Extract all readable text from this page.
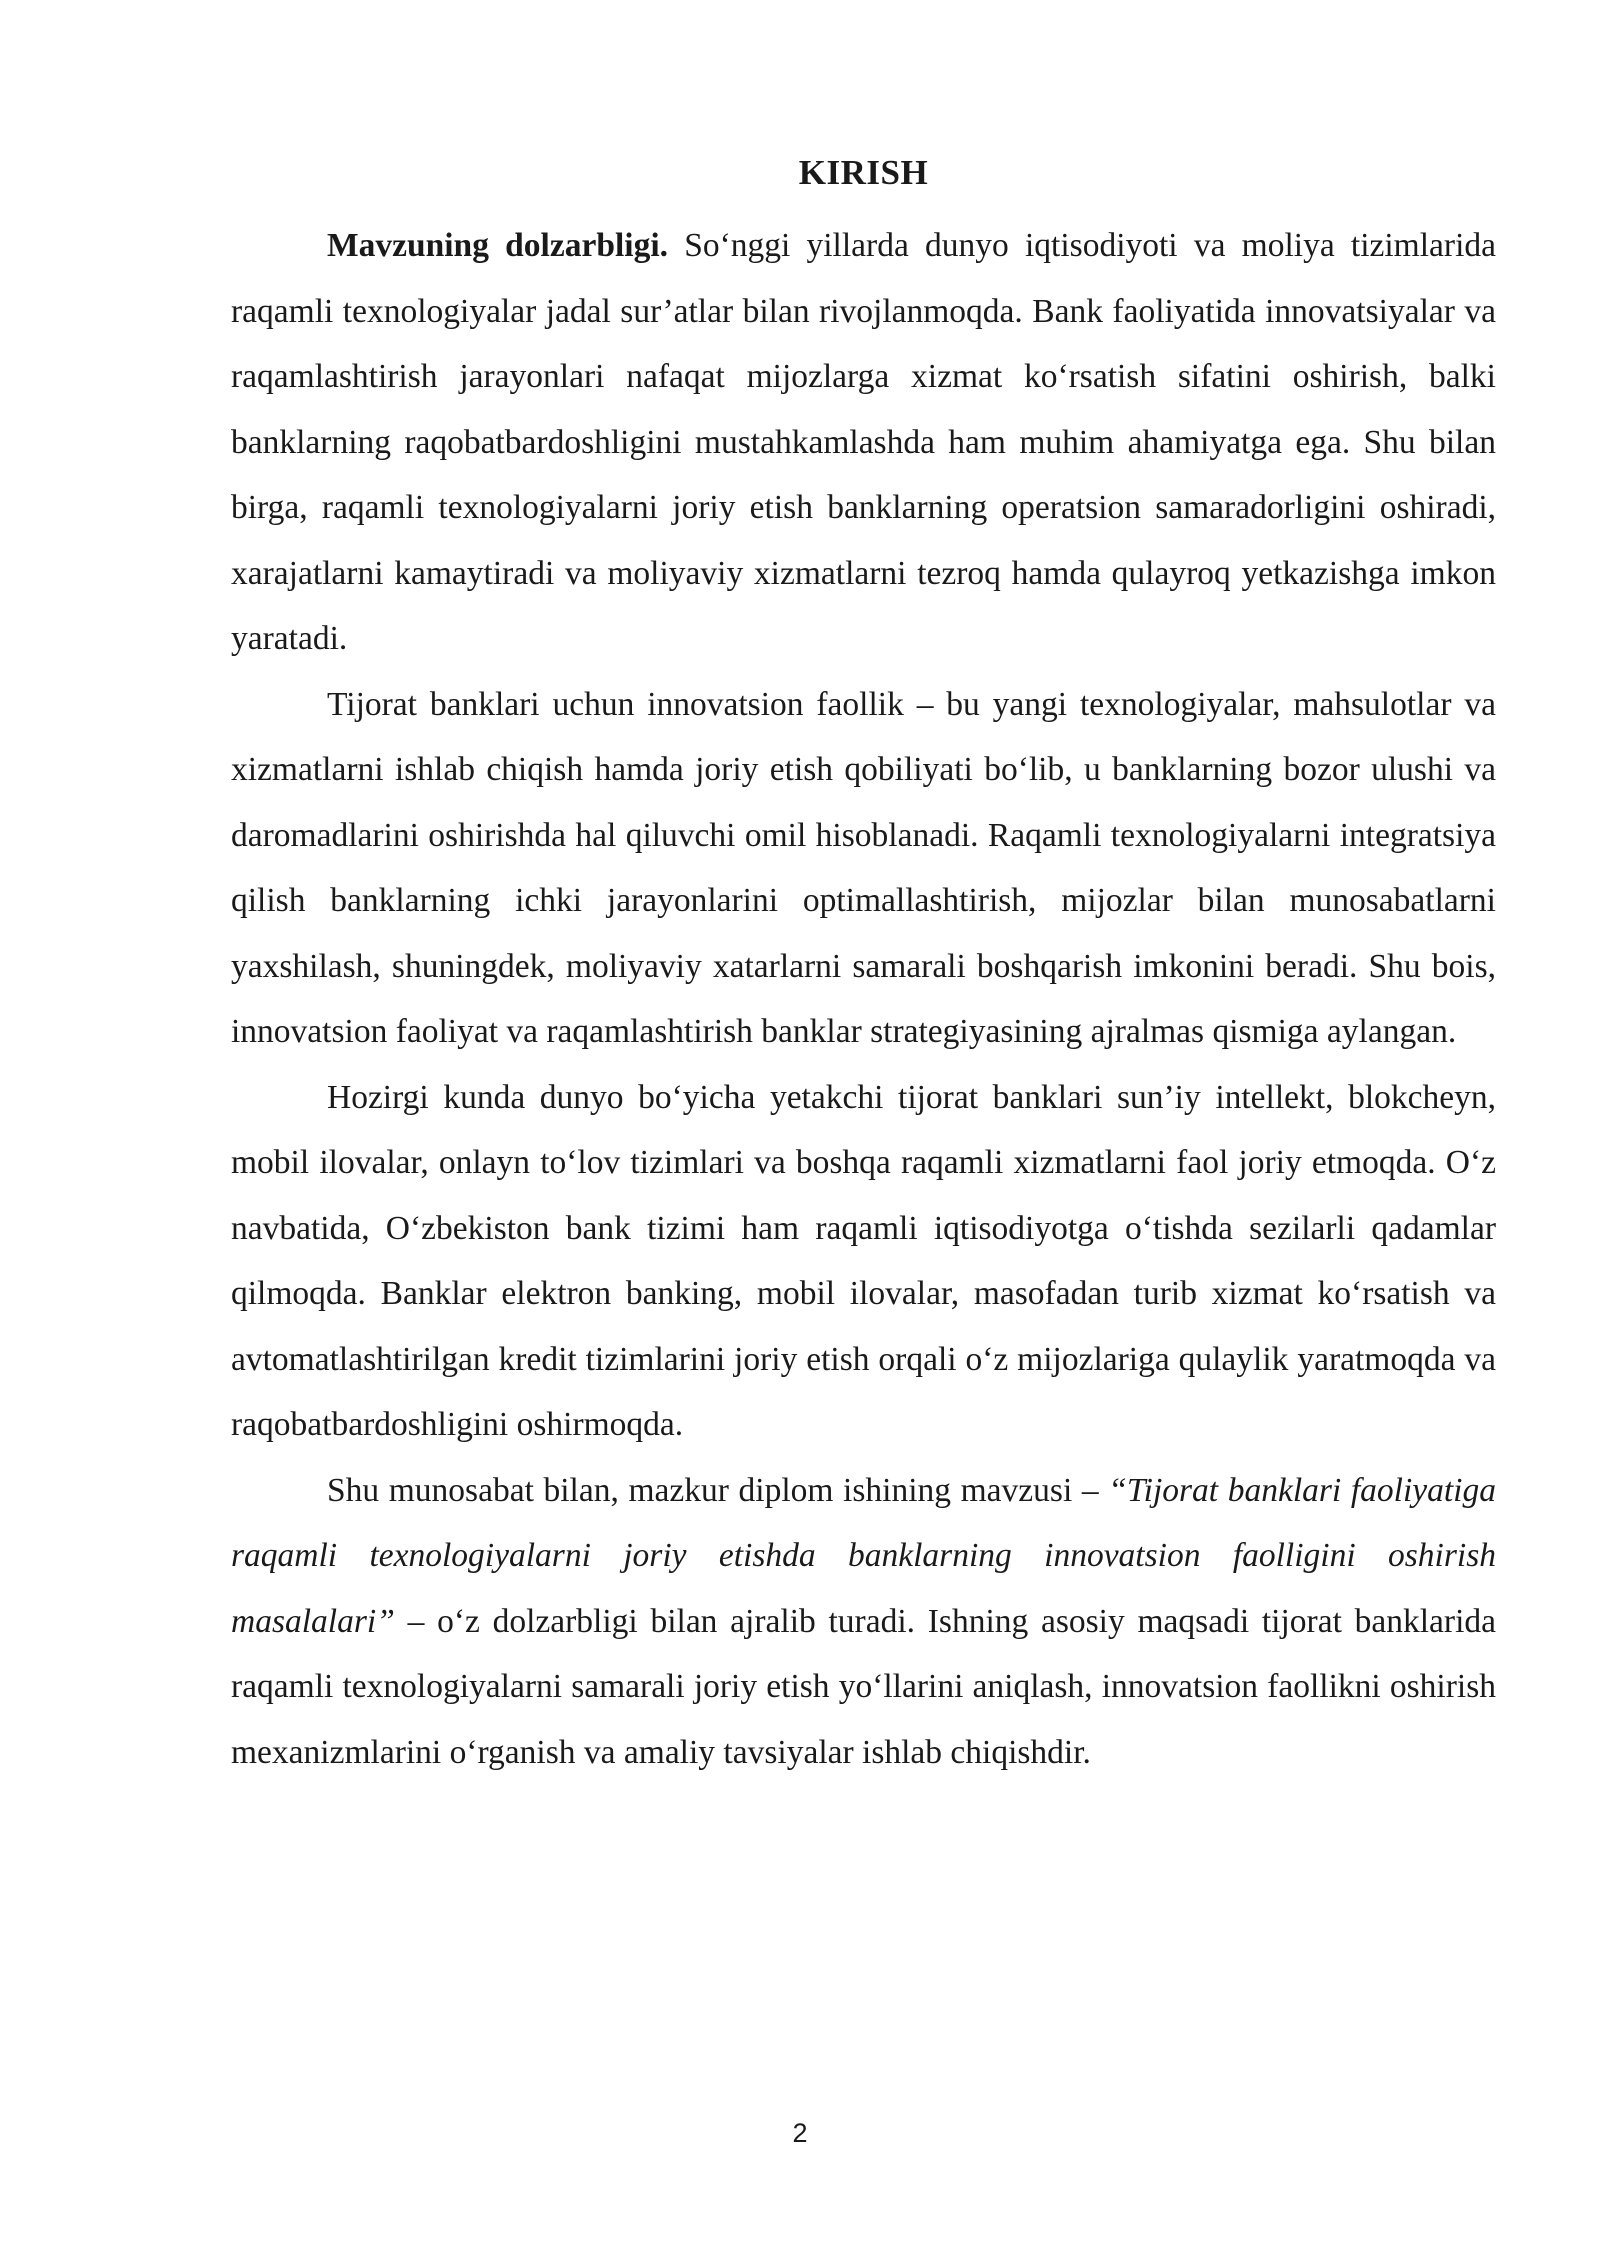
KIRISH

Mavzuning dolzarbligi. So‘nggi yillarda dunyo iqtisodiyoti va moliya tizimlarida raqamli texnologiyalar jadal sur’atlar bilan rivojlanmoqda. Bank faoliyatida innovatsiyalar va raqamlashtirish jarayonlari nafaqat mijozlarga xizmat ko‘rsatish sifatini oshirish, balki banklarning raqobatbardoshligini mustahkamlashda ham muhim ahamiyatga ega. Shu bilan birga, raqamli texnologiyalarni joriy etish banklarning operatsion samaradorligini oshiradi, xarajatlarni kamaytiradi va moliyaviy xizmatlarni tezroq hamda qulayroq yetkazishga imkon yaratadi.

Tijorat banklari uchun innovatsion faollik – bu yangi texnologiyalar, mahsulotlar va xizmatlarni ishlab chiqish hamda joriy etish qobiliyati bo‘lib, u banklarning bozor ulushi va daromadlarini oshirishda hal qiluvchi omil hisoblanadi. Raqamli texnologiyalarni integratsiya qilish banklarning ichki jarayonlarini optimallashtirish, mijozlar bilan munosabatlarni yaxshilash, shuningdek, moliyaviy xatarlarni samarali boshqarish imkonini beradi. Shu bois, innovatsion faoliyat va raqamlashtirish banklar strategiyasining ajralmas qismiga aylangan.

Hozirgi kunda dunyo bo‘yicha yetakchi tijorat banklari sun’iy intellekt, blokcheyn, mobil ilovalar, onlayn to‘lov tizimlari va boshqa raqamli xizmatlarni faol joriy etmoqda. O‘z navbatida, O‘zbekiston bank tizimi ham raqamli iqtisodiyotga o‘tishda sezilarli qadamlar qilmoqda. Banklar elektron banking, mobil ilovalar, masofadan turib xizmat ko‘rsatish va avtomatlashtirilgan kredit tizimlarini joriy etish orqali o‘z mijozlariga qulaylik yaratmoqda va raqobatbardoshligini oshirmoqda.

Shu munosabat bilan, mazkur diplom ishining mavzusi – “Tijorat banklari faoliyatiga raqamli texnologiyalarni joriy etishda banklarning innovatsion faolligini oshirish masalalari” – o‘z dolzarbligi bilan ajralib turadi. Ishning asosiy maqsadi tijorat banklarida raqamli texnologiyalarni samarali joriy etish yo‘llarini aniqlash, innovatsion faollikni oshirish mexanizmlarini o‘rganish va amaliy tavsiyalar ishlab chiqishdir.

2
